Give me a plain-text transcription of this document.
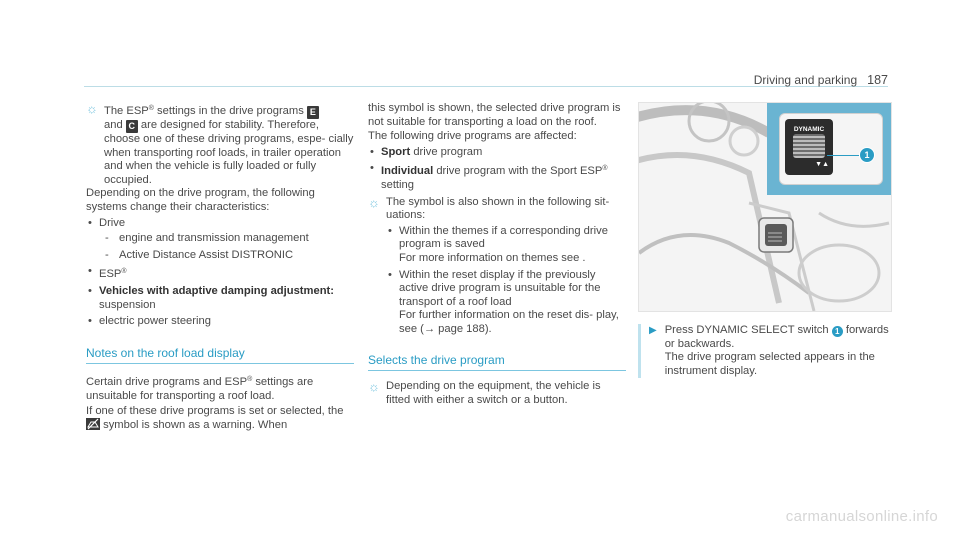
Driving and parking 187
☼ The ESP® settings in the drive programs E
and C are designed for stability. Therefore, choose one of these driving programs, espe- cially when transporting roof loads, in trailer operation and when the vehicle is fully loaded or fully occupied.

Depending on the drive program, the following systems change their characteristics:

• Drive
- engine and transmission management
- Active Distance Assist DISTRONIC
• ESP®
• Vehicles with adaptive damping adjustment:
suspension
• electric power steering
Notes on the roof load display

Certain drive programs and ESP® settings are unsuitable for transporting a roof load.

If one of these drive programs is set or selected, the  symbol is shown as a warning. When

this symbol is shown, the selected drive program is not suitable for transporting a load on the roof.

The following drive programs are affected:

• Sport drive program
• Individual drive program with the Sport ESP®
setting
☼ The symbol is also shown in the following sit- uations:
• Within the themes if a corresponding drive program is saved
For more information on themes see .
• Within the reset display if the previously active drive program is unsuitable for the transport of a roof load
For further information on the reset dis- play, see (→ page 188).
Selects the drive program
☼ Depending on the equipment, the vehicle is fitted with either a switch or a button.
DYNAMIC
▼▲
1
▶ Press DYNAMIC SELECT switch 1 forwards or backwards.
The drive program selected appears in the instrument display.
carmanualsonline.info
